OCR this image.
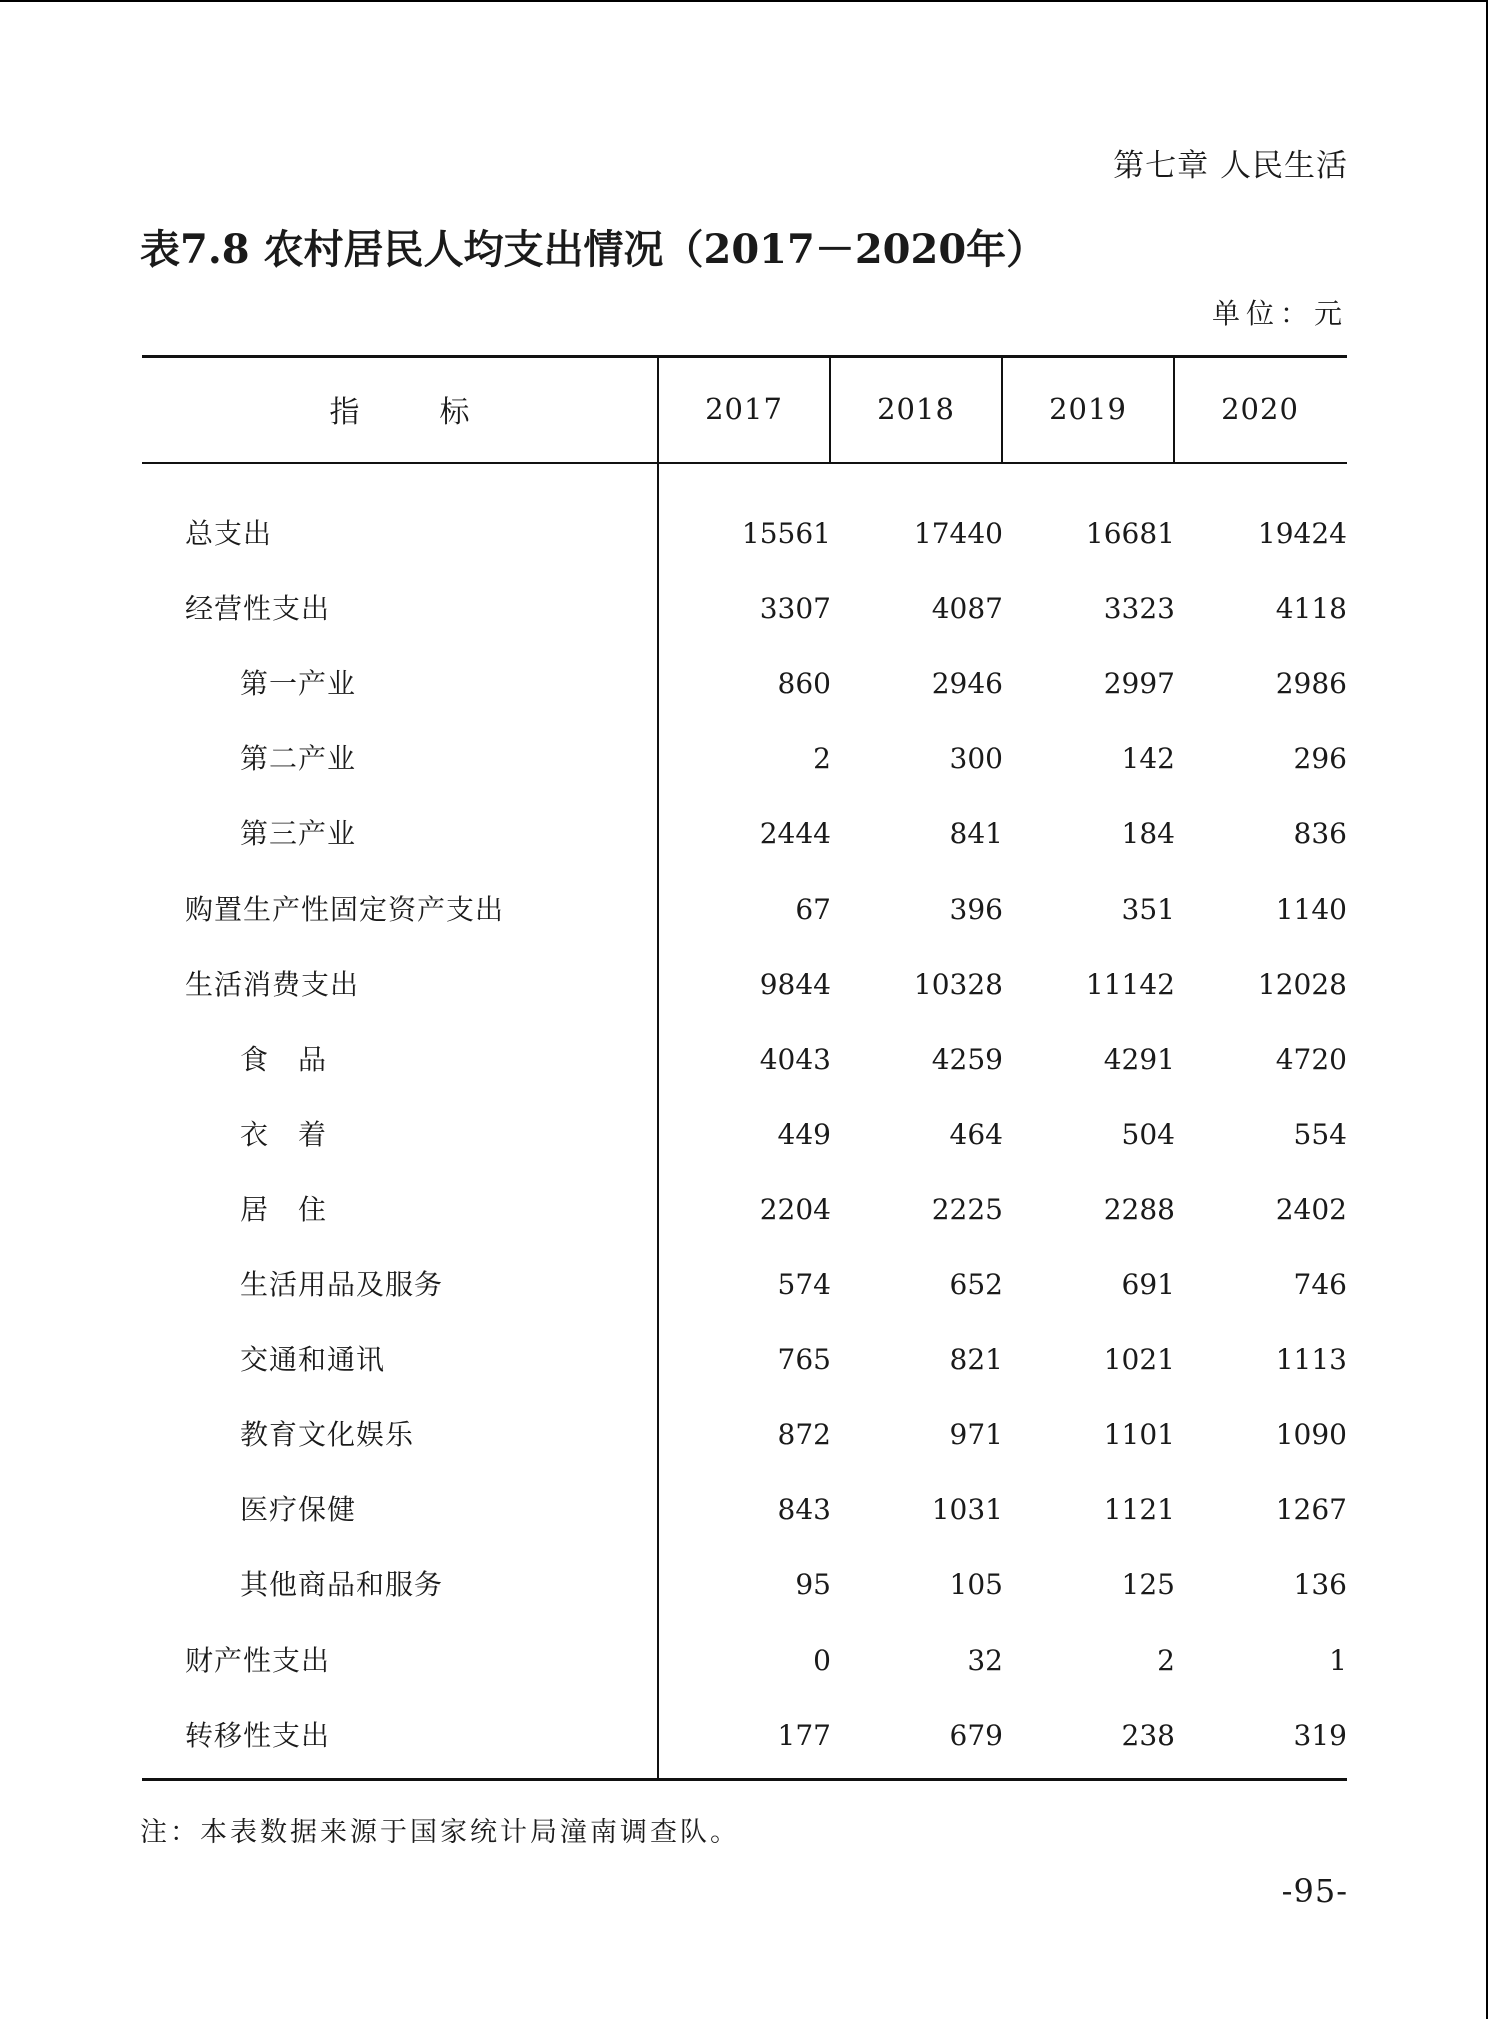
第七章 人民生活
表7.8 农村居民人均支出情况（2017－2020年）
单位：元
指标	2017	2018	2019	2020
总支出	15561	17440	16681	19424
经营性支出	3307	4087	3323	4118
第一产业	860	2946	2997	2986
第二产业	2	300	142	296
第三产业	2444	841	184	836
购置生产性固定资产支出	67	396	351	1140
生活消费支出	9844	10328	11142	12028
食　品	4043	4259	4291	4720
衣　着	449	464	504	554
居　住	2204	2225	2288	2402
生活用品及服务	574	652	691	746
交通和通讯	765	821	1021	1113
教育文化娱乐	872	971	1101	1090
医疗保健	843	1031	1121	1267
其他商品和服务	95	105	125	136
财产性支出	0	32	2	1
转移性支出	177	679	238	319
注：本表数据来源于国家统计局潼南调查队。
-95-
